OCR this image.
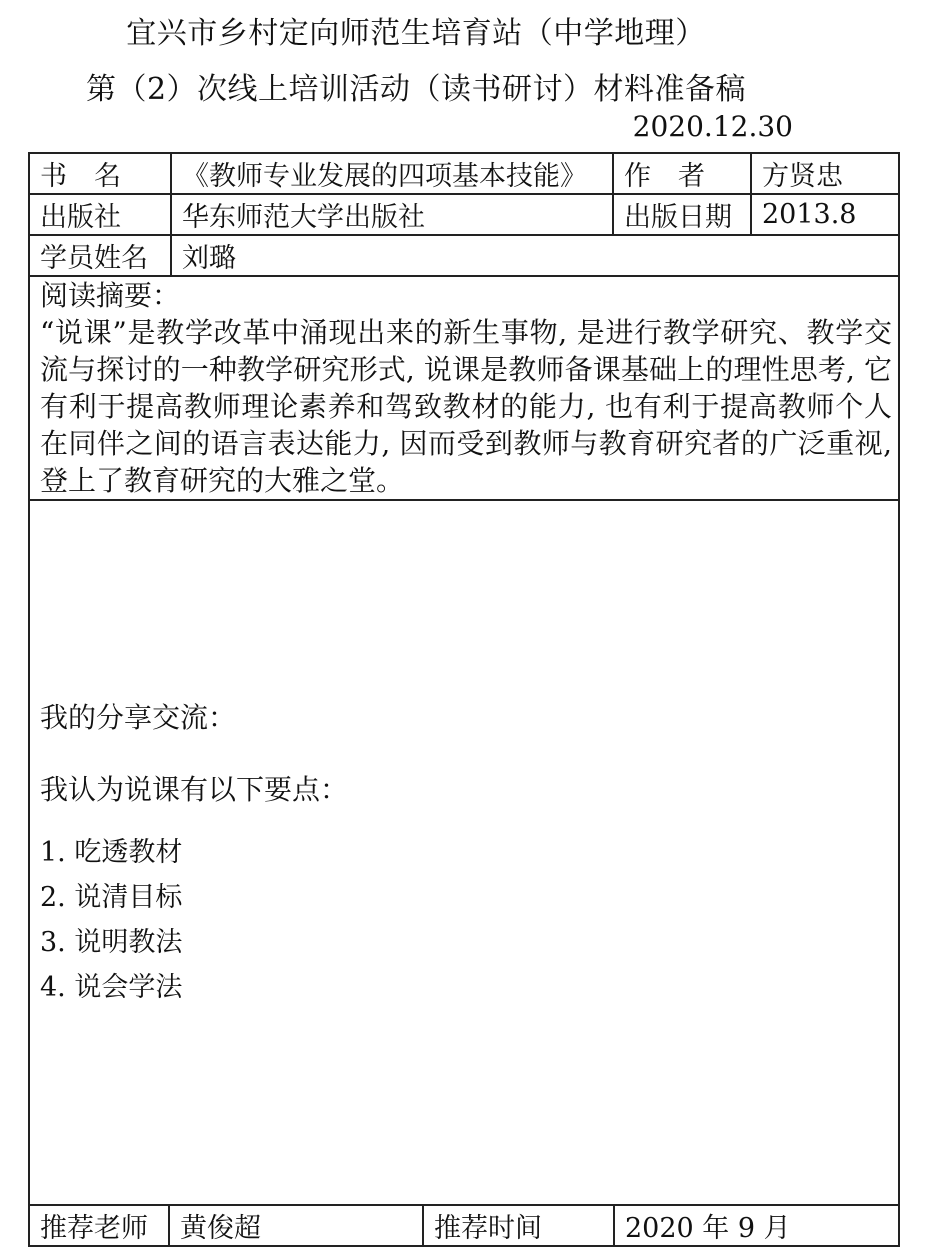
宜兴市乡村定向师范生培育站（中学地理）
第（2）次线上培训活动（读书研讨）材料准备稿
2020.12.30
书　名	《教师专业发展的四项基本技能》	作　者	方贤忠
出版社	华东师范大学出版社	出版日期	2013.8
学员姓名	刘璐		

阅读摘要：
“说课”是教学改革中涌现出来的新生事物, 是进行教学研究、教学交流与探讨的一种教学研究形式, 说课是教师备课基础上的理性思考, 它有利于提高教师理论素养和驾致教材的能力, 也有利于提高教师个人在同伴之间的语言表达能力, 因而受到教师与教育研究者的广泛重视, 登上了教育研究的大雅之堂。			

我的分享交流：
我认为说课有以下要点：
1. 吃透教材
2. 说清目标
3. 说明教法
4. 说会学法
推荐老师	黄俊超	推荐时间	2020 年 9 月
